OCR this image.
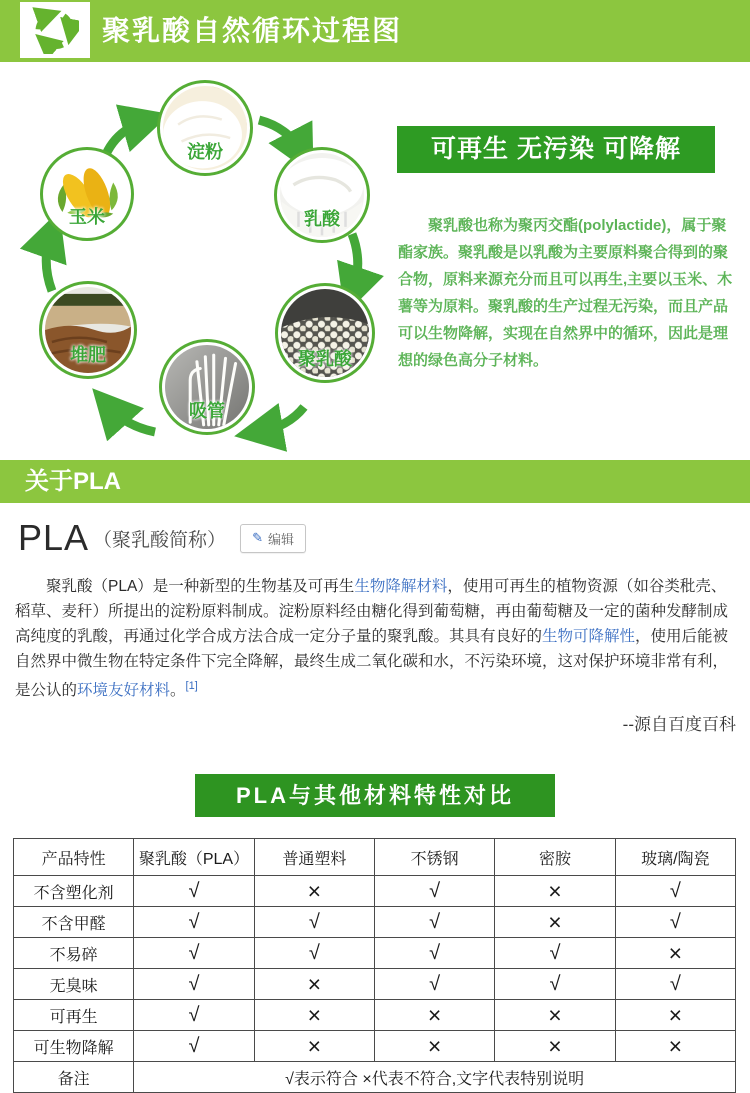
聚乳酸自然循环过程图
玉米
淀粉
乳酸
堆肥	聚乳酸
吸管
可再生 无污染 可降解
聚乳酸也称为聚丙交酯(polylactide)，属于聚酯家族。聚乳酸是以乳酸为主要原料聚合得到的聚合物，原料来源充分而且可以再生,主要以玉米、木薯等为原料。聚乳酸的生产过程无污染，而且产品可以生物降解，实现在自然界中的循环，因此是理想的绿色高分子材料。
关于PLA
PLA （聚乳酸简称） ✎ 编辑
聚乳酸（PLA）是一种新型的生物基及可再生生物降解材料，使用可再生的植物资源（如谷类秕壳、稻草、麦秆）所提出的淀粉原料制成。淀粉原料经由糖化得到葡萄糖，再由葡萄糖及一定的菌种发酵制成高纯度的乳酸，再通过化学合成方法合成一定分子量的聚乳酸。其具有良好的生物可降解性，使用后能被自然界中微生物在特定条件下完全降解，最终生成二氧化碳和水，不污染环境，这对保护环境非常有利，是公认的环境友好材料。[1]
--源自百度百科
PLA与其他材料特性对比
产品特性	聚乳酸（PLA）	普通塑料	不锈钢	密胺	玻璃/陶瓷
不含塑化剂	√	×	√	×	√
不含甲醛	√	√	√	×	√
不易碎	√	√	√	√	×
无臭味	√	×	√	√	√
可再生	√	×	×	×	×
可生物降解	√	×	×	×	×
备注	√表示符合 ×代表不符合,文字代表特别说明				
